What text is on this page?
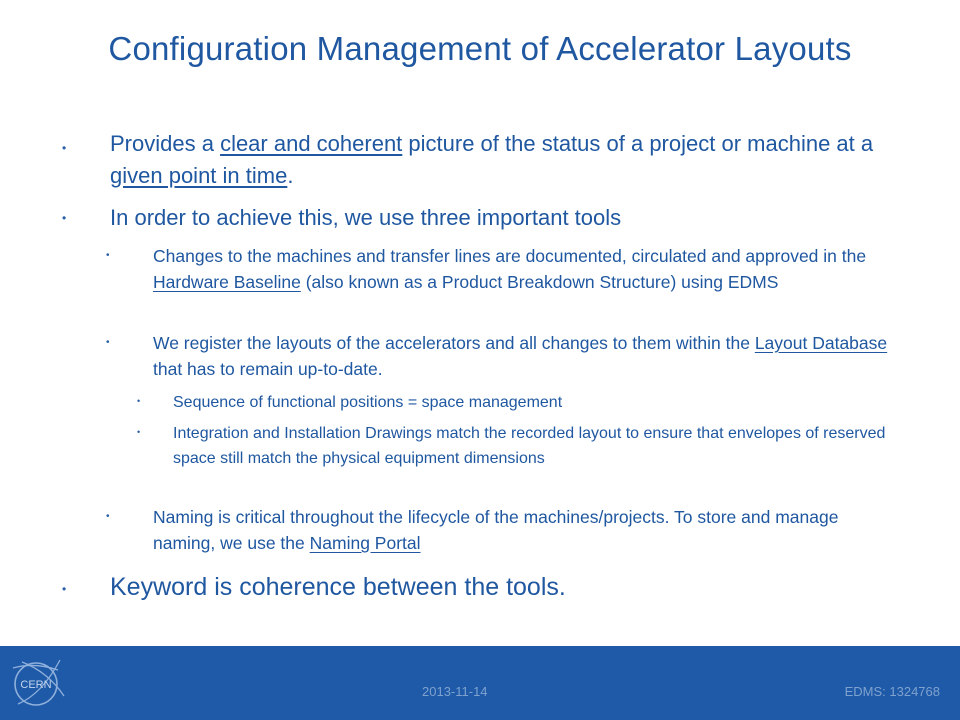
Configuration Management of Accelerator Layouts
• Provides a clear and coherent picture of the status of a project or machine at a given point in time.
• In order to achieve this, we use three important tools
• Changes to the machines and transfer lines are documented, circulated and approved in the Hardware Baseline (also known as a Product Breakdown Structure) using EDMS
• We register the layouts of the accelerators and all changes to them within the Layout Database that has to remain up-to-date.
• Sequence of functional positions = space management
• Integration and Installation Drawings match the recorded layout to ensure that envelopes of reserved space still match the physical equipment dimensions
• Naming is critical throughout the lifecycle of the machines/projects. To store and manage naming, we use the Naming Portal
• Keyword is coherence between the tools.
CERN	2013-11-14	EDMS: 1324768
